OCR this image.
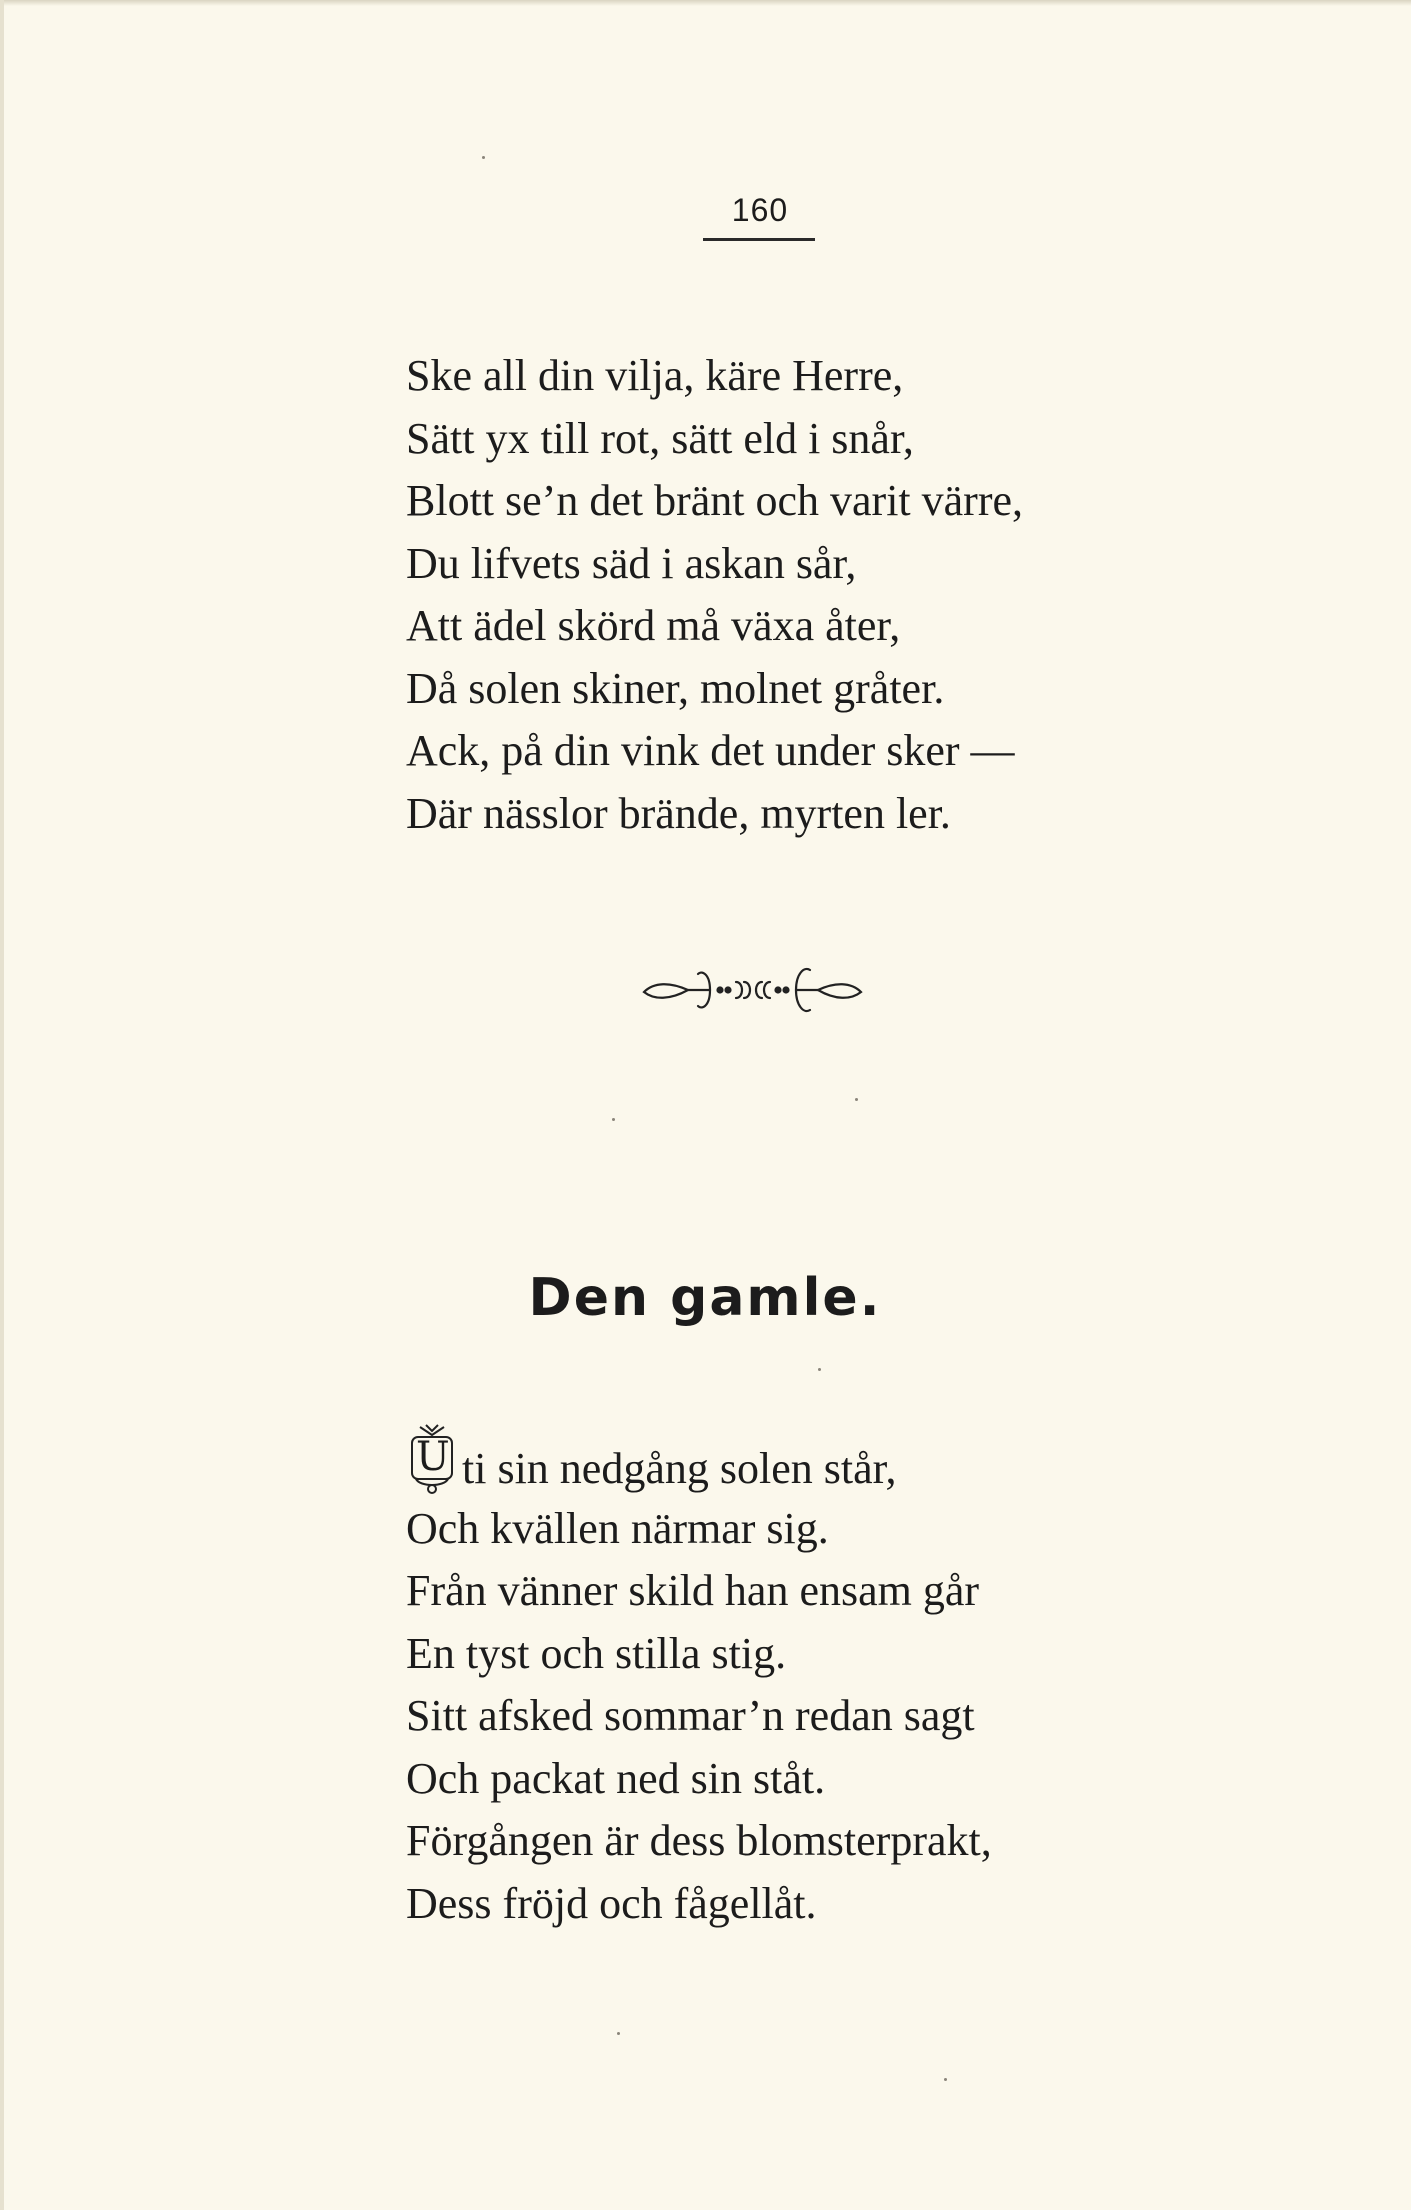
160
Ske all din vilja, käre Herre,
Sätt yx till rot, sätt eld i snår,
Blott se’n det bränt och varit värre,
Du lifvets säd i askan sår,
Att ädel skörd må växa åter,
Då solen skiner, molnet gråter.
Ack, på din vink det under sker —
Där nässlor brände, myrten ler.
Den gamle.
U ti sin nedgång solen står,
Och kvällen närmar sig.
Från vänner skild han ensam går
En tyst och stilla stig.
Sitt afsked sommar’n redan sagt
Och packat ned sin ståt.
Förgången är dess blomsterprakt,
Dess fröjd och fågellåt.
